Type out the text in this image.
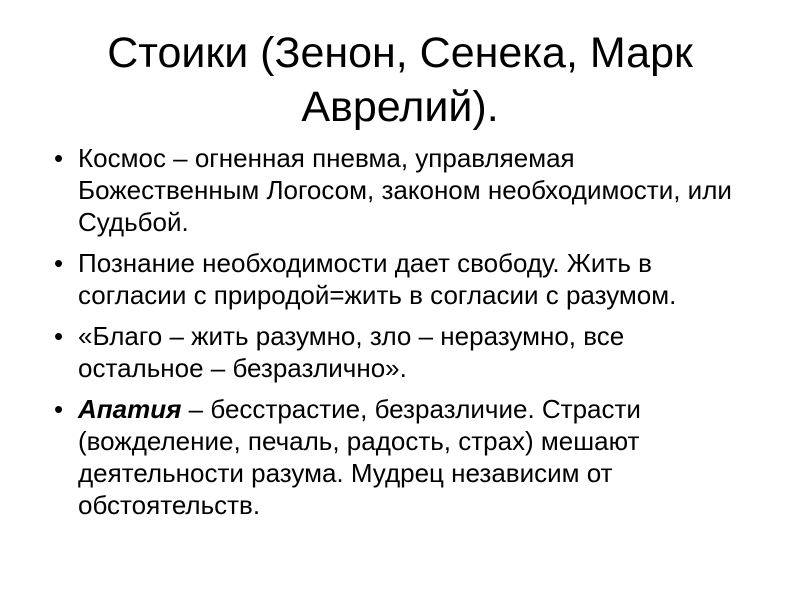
Стоики (Зенон, Сенека, Марк Аврелий).
• Космос – огненная пневма, управляемая Божественным Логосом, законом необходимости, или Судьбой.
• Познание необходимости дает свободу. Жить в согласии с природой=жить в согласии с разумом.
• «Благо – жить разумно, зло – неразумно, все остальное – безразлично».
• Апатия – бесстрастие, безразличие. Страсти (вожделение, печаль, радость, страх) мешают деятельности разума. Мудрец независим от обстоятельств.
